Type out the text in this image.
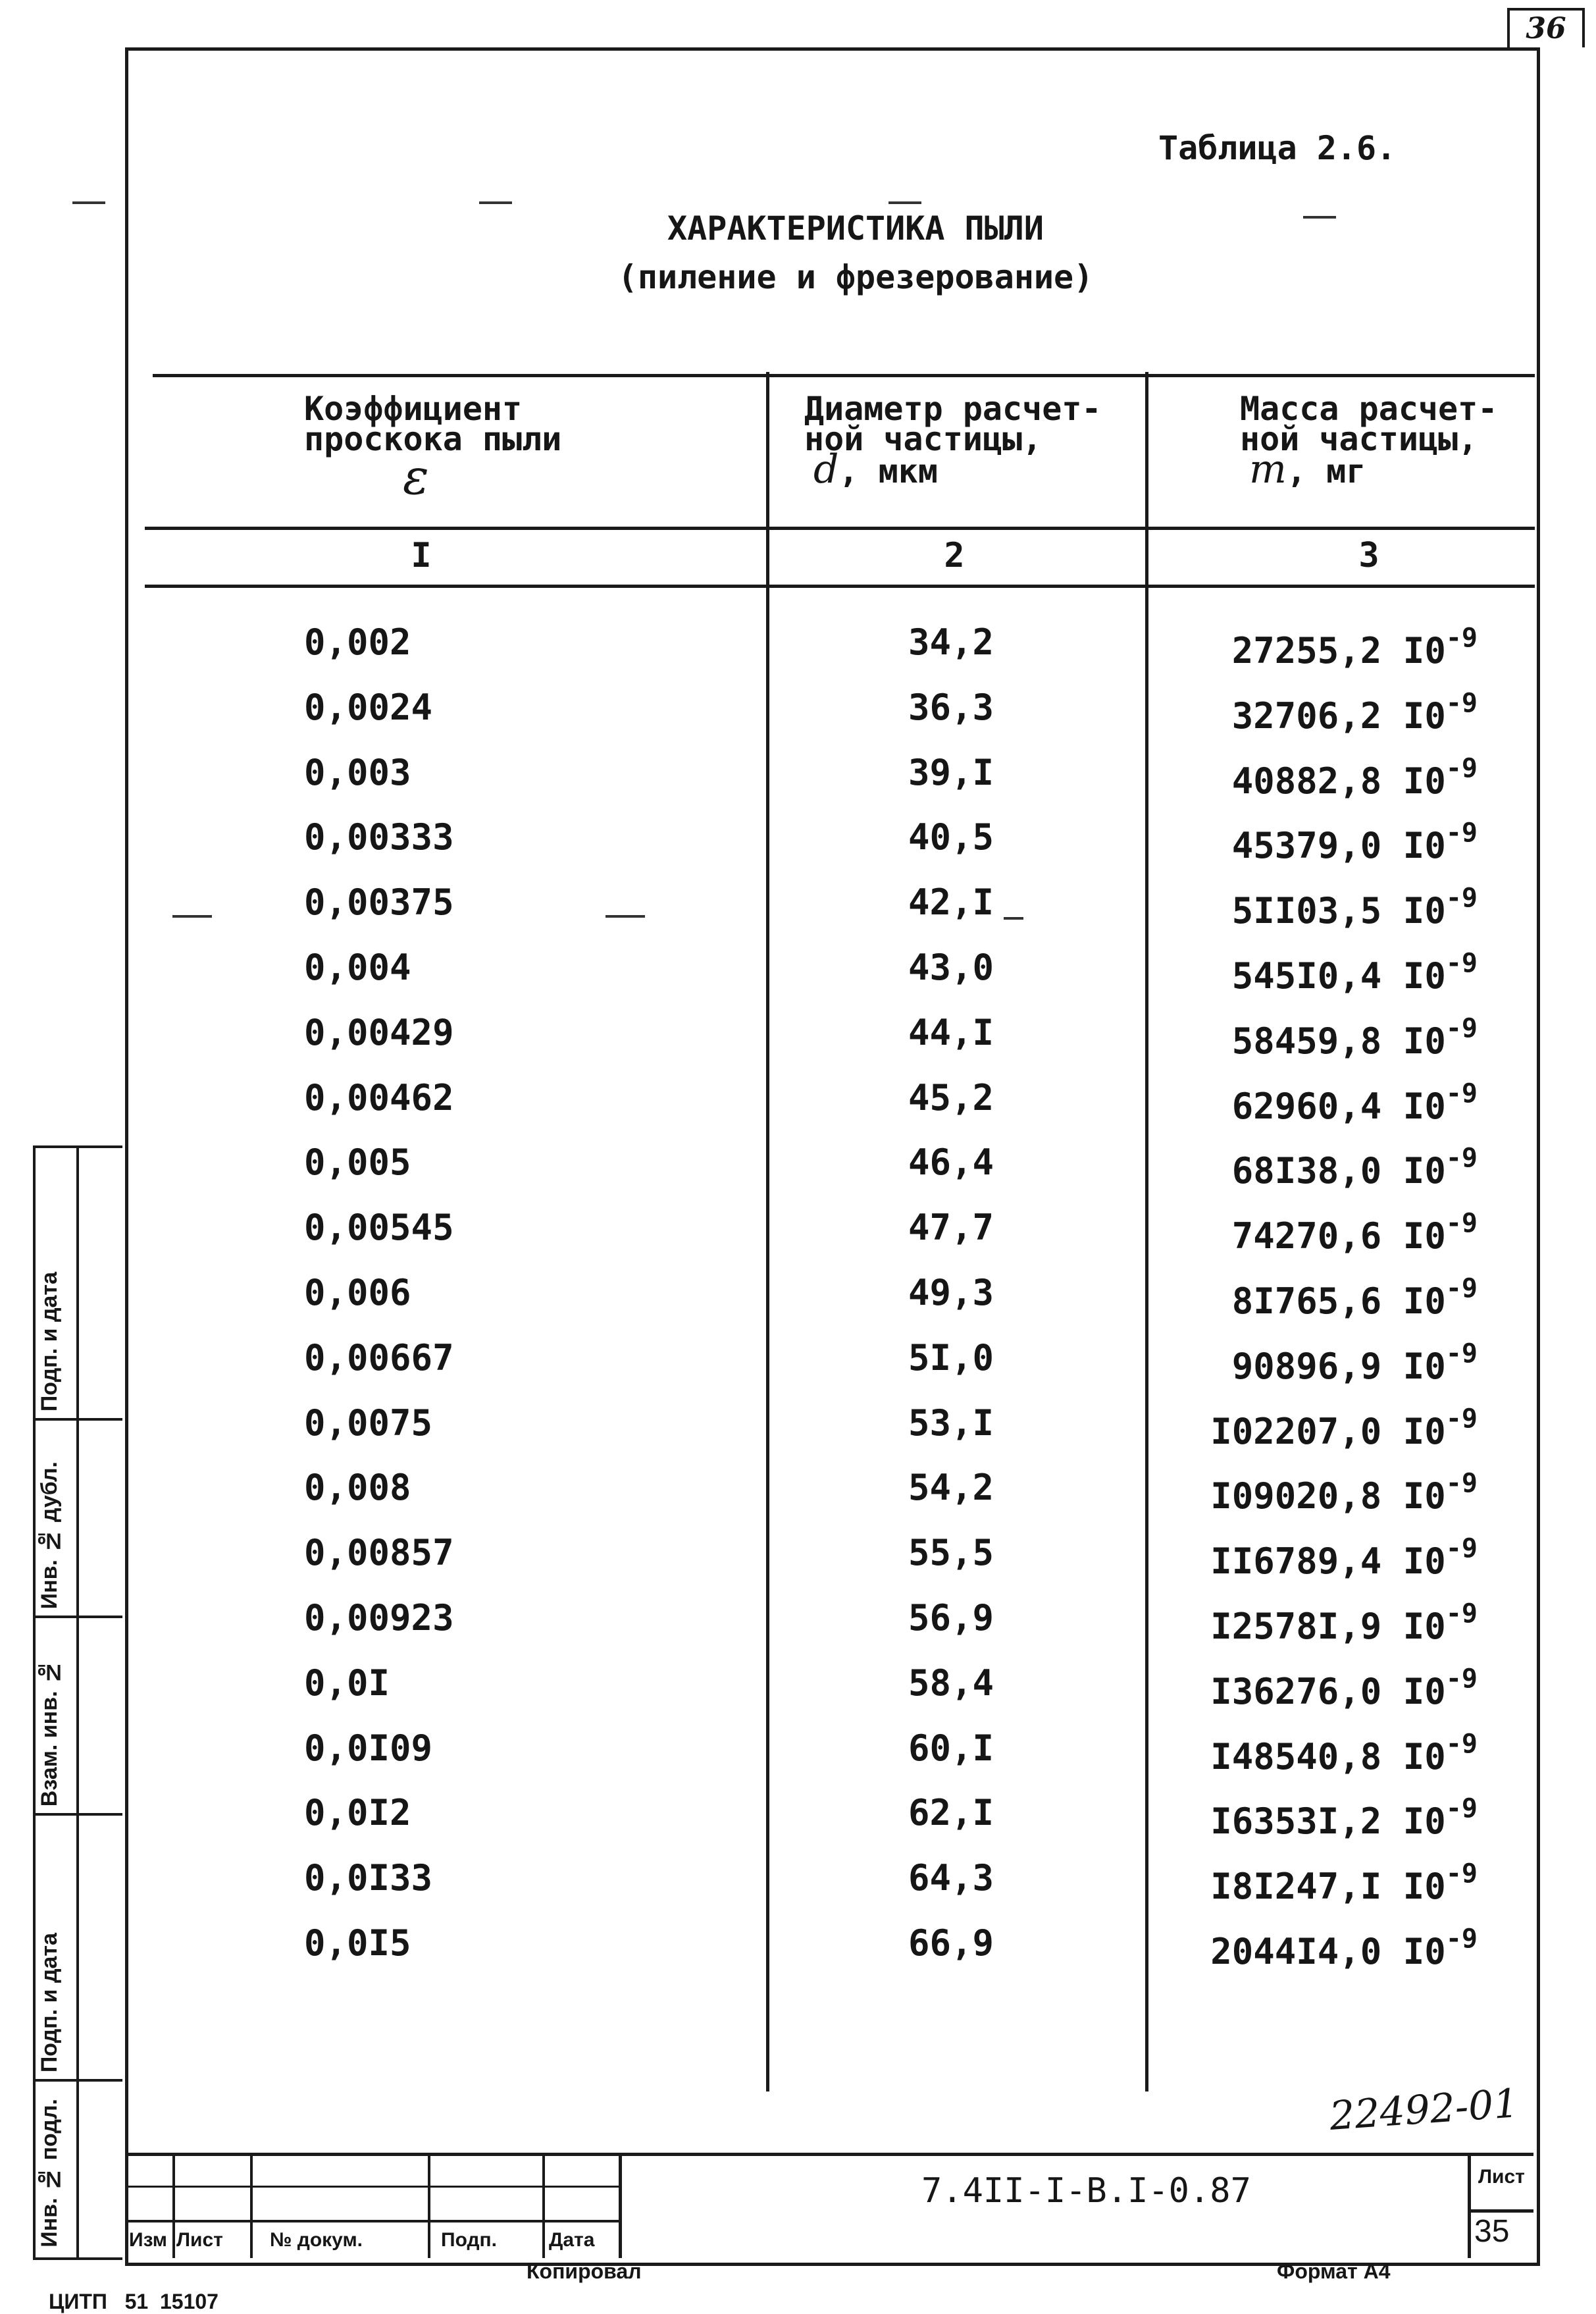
36
Таблица 2.6.
ХАРАКТЕРИСТИКА ПЫЛИ
(пиление и фрезерование)
Коэффициент
проскока пыли
ε
Диаметр расчет-
ной частицы,
d, мкм
Масса расчет-
ной частицы,
m, мг
I	2	3
0,002	34,2	27255,2 $I0^{-9}$
0,0024	36,3	32706,2 $I0^{-9}$
0,003	39,I	40882,8 $I0^{-9}$
0,00333	40,5	45379,0 $I0^{-9}$
0,00375	42,I	5II03,5 $I0^{-9}$
0,004	43,0	545I0,4 $I0^{-9}$
0,00429	44,I	58459,8 $I0^{-9}$
0,00462	45,2	62960,4 $I0^{-9}$
0,005	46,4	68I38,0 $I0^{-9}$
0,00545	47,7	74270,6 $I0^{-9}$
0,006	49,3	8I765,6 $I0^{-9}$
0,00667	5I,0	90896,9 $I0^{-9}$
0,0075	53,I	I02207,0 $I0^{-9}$
0,008	54,2	I09020,8 $I0^{-9}$
0,00857	55,5	II6789,4 $I0^{-9}$
0,00923	56,9	I2578I,9 $I0^{-9}$
0,0I	58,4	I36276,0 $I0^{-9}$
0,0I09	60,I	I48540,8 $I0^{-9}$
0,0I2	62,I	I6353I,2 $I0^{-9}$
0,0I33	64,3	I8I247,I $I0^{-9}$
0,0I5	66,9	2044I4,0 $I0^{-9}$
22492-01
Подп. и дата
Инв. № дубл.
Взам. инв. №
Подп. и дата
Инв. № подл.	Изм Лист № докум.	Подп.	Дата
7.4II-I-B.I-0.87	Лист
35
Копировал	Формат А4
ЦИТП   51  15107
